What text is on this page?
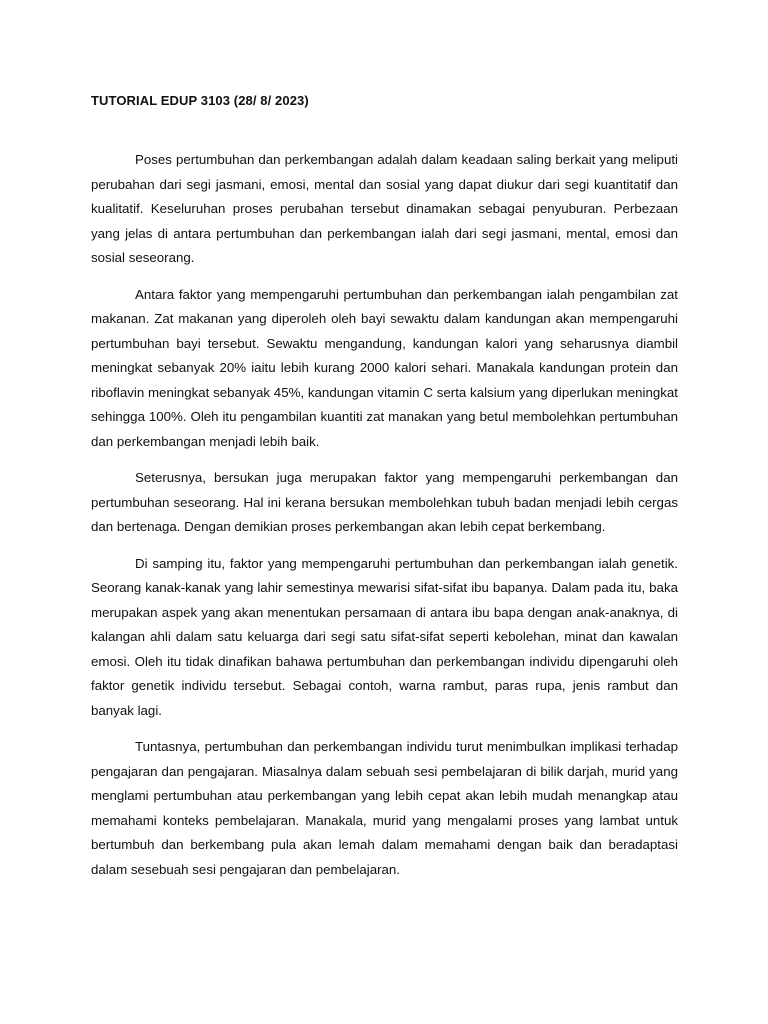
TUTORIAL EDUP 3103 (28/ 8/ 2023)

Poses pertumbuhan dan perkembangan adalah dalam keadaan saling berkait yang meliputi perubahan dari segi jasmani, emosi, mental dan sosial yang dapat diukur dari segi kuantitatif dan kualitatif. Keseluruhan proses perubahan tersebut dinamakan sebagai penyuburan. Perbezaan yang jelas di antara pertumbuhan dan perkembangan ialah dari segi jasmani, mental, emosi dan sosial seseorang.

Antara faktor yang mempengaruhi pertumbuhan dan perkembangan ialah pengambilan zat makanan. Zat makanan yang diperoleh oleh bayi sewaktu dalam kandungan akan mempengaruhi pertumbuhan bayi tersebut. Sewaktu mengandung, kandungan kalori yang seharusnya diambil meningkat sebanyak 20% iaitu lebih kurang 2000 kalori sehari. Manakala kandungan protein dan riboflavin meningkat sebanyak 45%, kandungan vitamin C serta kalsium yang diperlukan meningkat sehingga 100%. Oleh itu pengambilan kuantiti zat manakan yang betul membolehkan pertumbuhan dan perkembangan menjadi lebih baik.

Seterusnya, bersukan juga merupakan faktor yang mempengaruhi perkembangan dan pertumbuhan seseorang. Hal ini kerana bersukan membolehkan tubuh badan menjadi lebih cergas dan bertenaga. Dengan demikian proses perkembangan akan lebih cepat berkembang.

Di samping itu, faktor yang mempengaruhi pertumbuhan dan perkembangan ialah genetik. Seorang kanak-kanak yang lahir semestinya mewarisi sifat-sifat ibu bapanya. Dalam pada itu, baka merupakan aspek yang akan menentukan persamaan di antara ibu bapa dengan anak-anaknya, di kalangan ahli dalam satu keluarga dari segi satu sifat-sifat seperti kebolehan, minat dan kawalan emosi. Oleh itu tidak dinafikan bahawa pertumbuhan dan perkembangan individu dipengaruhi oleh faktor genetik individu tersebut. Sebagai contoh, warna rambut, paras rupa, jenis rambut dan banyak lagi.

Tuntasnya, pertumbuhan dan perkembangan individu turut menimbulkan implikasi terhadap pengajaran dan pengajaran. Miasalnya dalam sebuah sesi pembelajaran di bilik darjah, murid yang menglami pertumbuhan atau perkembangan yang lebih cepat akan lebih mudah menangkap atau memahami konteks pembelajaran. Manakala, murid yang mengalami proses yang lambat untuk bertumbuh dan berkembang pula akan lemah dalam memahami dengan baik dan beradaptasi dalam sesebuah sesi pengajaran dan pembelajaran.
